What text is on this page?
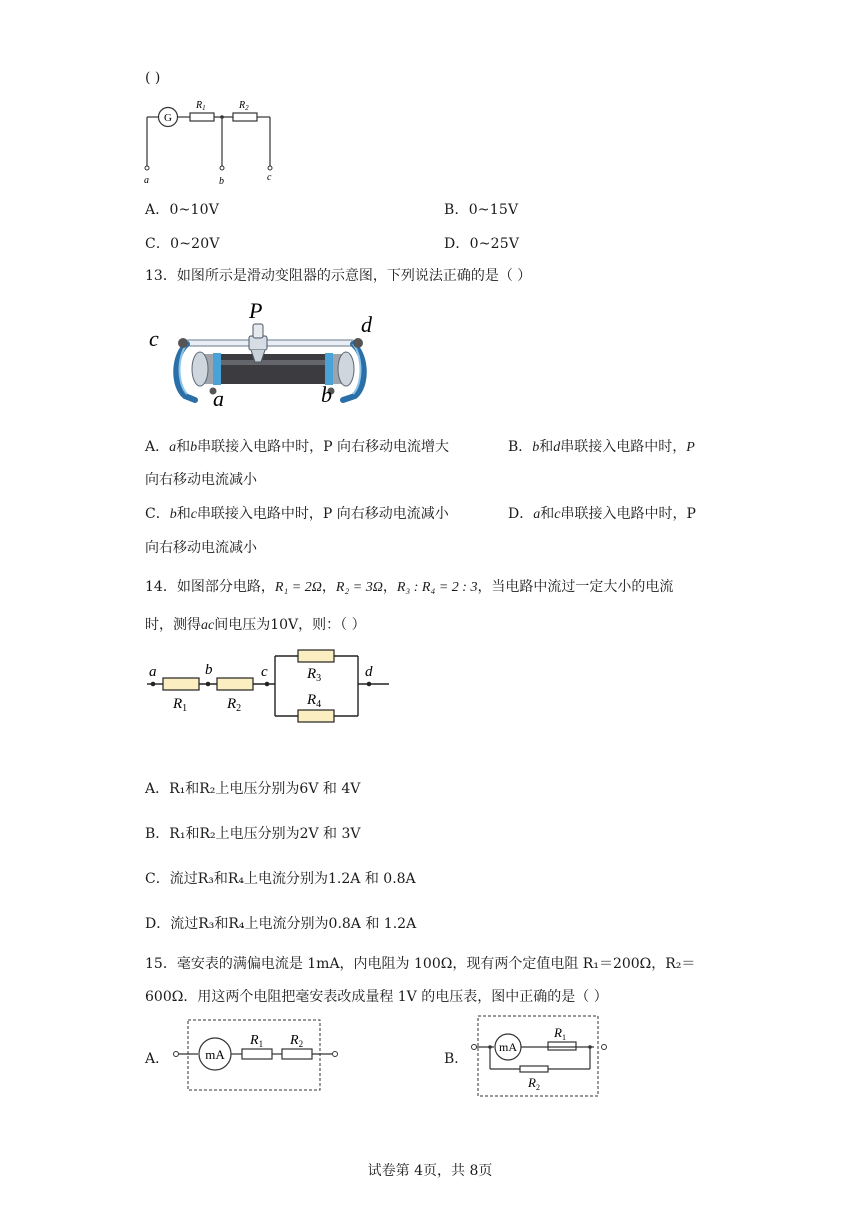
( )
G
$R_1$	$R_2$
a	b	c
A．0~10V	B．0~15V
C．0~20V	D．0~25V
13．如图所示是滑动变阻器的示意图，下列说法正确的是（ ）
P
c
d
a	b
A．a和b串联接入电路中时，P 向右移动电流增大	B．b和d串联接入电路中时，P
向右移动电流减小
C．b和c串联接入电路中时，P 向右移动电流减小	D．a和c串联接入电路中时，P
向右移动电流减小
14．如图部分电路，R₁ = 2Ω，R₂ = 3Ω，R₃ : R₄ = 2 : 3，当电路中流过一定大小的电流
时，测得ac间电压为10V，则：（ ）
a	b	c	d
$R_1$	$R_2$
$R_3$
$R_4$
A．R₁和R₂上电压分别为6V 和 4V
B．R₁和R₂上电压分别为2V 和 3V
C．流过R₃和R₄上电流分别为1.2A 和 0.8A
D．流过R₃和R₄上电流分别为0.8A 和 1.2A
15．毫安表的满偏电流是 1mA，内电阻为 100Ω，现有两个定值电阻 R₁＝200Ω，R₂＝
600Ω．用这两个电阻把毫安表改成量程 1V 的电压表，图中正确的是（ ）
A．	mA
$R_1$ $R_2$
B．
mA
$R_1$
$R_2$
试卷第 4页，共 8页
